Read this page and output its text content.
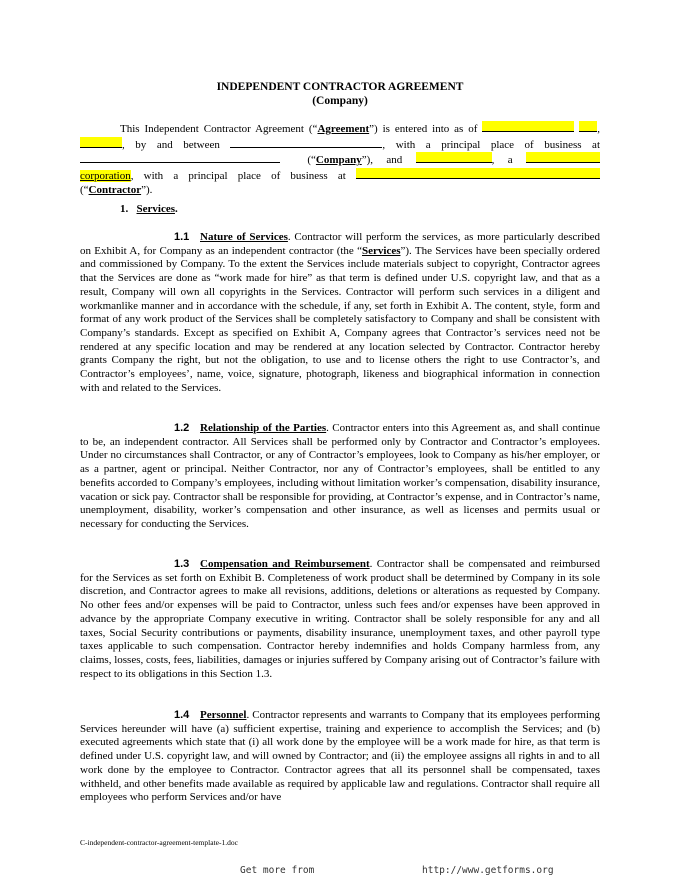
INDEPENDENT CONTRACTOR AGREEMENT
(Company)
This Independent Contractor Agreement (“Agreement”) is entered into as of	, , by and between	, with a principal place of business at  (“Company”), and	, a  corporation, with a principal place of business at  (“Contractor”).
1. Services.
1.1 Nature of Services. Contractor will perform the services, as more particularly described on Exhibit A, for Company as an independent contractor (the “Services”). The Services have been specially ordered and commissioned by Company. To the extent the Services include materials subject to copyright, Contractor agrees that the Services are done as “work made for hire” as that term is defined under U.S. copyright law, and that as a result, Company will own all copyrights in the Services. Contractor will perform such services in a diligent and workmanlike manner and in accordance with the schedule, if any, set forth in Exhibit A. The content, style, form and format of any work product of the Services shall be completely satisfactory to Company and shall be consistent with Company’s standards. Except as specified on Exhibit A, Company agrees that Contractor’s services need not be rendered at any specific location and may be rendered at any location selected by Contractor. Contractor hereby grants Company the right, but not the obligation, to use and to license others the right to use Contractor’s, and Contractor’s employees’, name, voice, signature, photograph, likeness and biographical information in connection with and related to the Services.
1.2 Relationship of the Parties. Contractor enters into this Agreement as, and shall continue to be, an independent contractor. All Services shall be performed only by Contractor and Contractor’s employees. Under no circumstances shall Contractor, or any of Contractor’s employees, look to Company as his/her employer, or as a partner, agent or principal. Neither Contractor, nor any of Contractor’s employees, shall be entitled to any benefits accorded to Company’s employees, including without limitation worker’s compensation, disability insurance, vacation or sick pay. Contractor shall be responsible for providing, at Contractor’s expense, and in Contractor’s name, unemployment, disability, worker’s compensation and other insurance, as well as licenses and permits usual or necessary for conducting the Services.
1.3 Compensation and Reimbursement. Contractor shall be compensated and reimbursed for the Services as set forth on Exhibit B. Completeness of work product shall be determined by Company in its sole discretion, and Contractor agrees to make all revisions, additions, deletions or alterations as requested by Company. No other fees and/or expenses will be paid to Contractor, unless such fees and/or expenses have been approved in advance by the appropriate Company executive in writing. Contractor shall be solely responsible for any and all taxes, Social Security contributions or payments, disability insurance, unemployment taxes, and other payroll type taxes applicable to such compensation. Contractor hereby indemnifies and holds Company harmless from, any claims, losses, costs, fees, liabilities, damages or injuries suffered by Company arising out of Contractor’s failure with respect to its obligations in this Section 1.3.
1.4 Personnel. Contractor represents and warrants to Company that its employees performing Services hereunder will have (a) sufficient expertise, training and experience to accomplish the Services; and (b) executed agreements which state that (i) all work done by the employee will be a work made for hire, as that term is defined under U.S. copyright law, and will owned by Contractor; and (ii) the employee assigns all rights in and to all work done by the employee to Contractor. Contractor agrees that all its personnel shall be compensated, taxes withheld, and other benefits made available as required by applicable law and regulations. Contractor shall require all employees who perform Services and/or have
C-independent-contractor-agreement-template-1.doc
Get more from	http://www.getforms.org
